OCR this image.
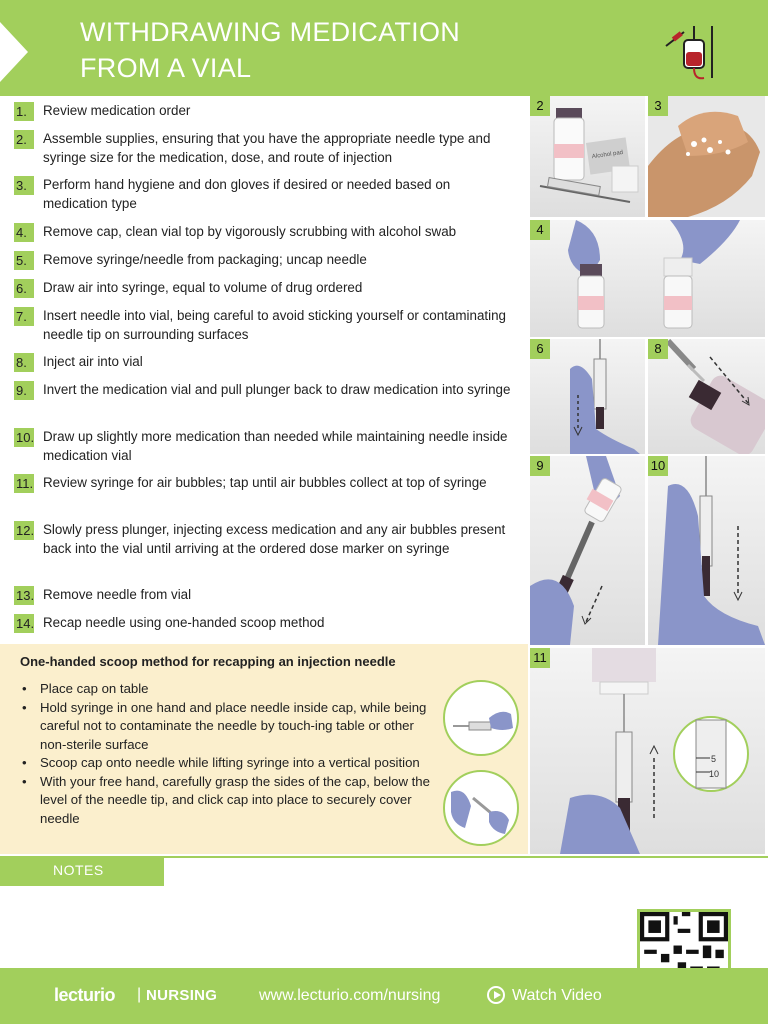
WITHDRAWING MEDICATION
FROM A VIAL
1.	Review medication order
2.	Assemble supplies, ensuring that you have the appropriate needle type and syringe size for the medication, dose, and route of injection
3.	Perform hand hygiene and don gloves if desired or needed based on medication type
4.	Remove cap, clean vial top by vigorously scrubbing with alcohol swab
5.	Remove syringe/needle from packaging; uncap needle
6.	Draw air into syringe, equal to volume of drug ordered
7.	Insert needle into vial, being careful to avoid sticking yourself or contaminating needle tip on surrounding surfaces
8.	Inject air into vial
9.	Invert the medication vial and pull plunger back to draw medication into syringe
10. Draw up slightly more medication than needed while maintaining needle inside medication vial
11. Review syringe for air bubbles; tap until air bubbles collect at top of syringe
12. Slowly press plunger, injecting excess medication and any air bubbles present back into the vial until arriving at the ordered dose marker on syringe
13. Remove needle from vial
14. Recap needle using one-handed scoop method
One-handed scoop method for recapping an injection needle
• Place cap on table
• Hold syringe in one hand and place needle inside cap, while being careful not to contaminate the needle by touch-ing table or other non-sterile surface
• Scoop cap onto needle while lifting syringe into a vertical position
• With your free hand, carefully grasp the sides of the cap, below the level of the needle tip, and click cap into place to securely cover needle
Alcohol pad
2	3
4
6	8
9	10
5
10
11
NOTES
lecturio | NURSING	www.lecturio.com/nursing	Watch Video
